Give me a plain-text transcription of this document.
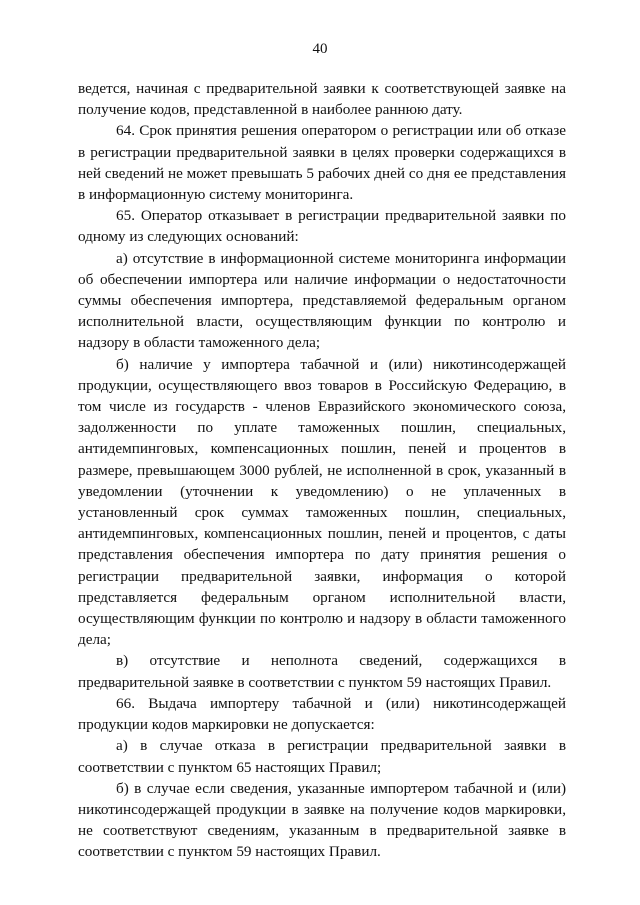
40

ведется, начиная с предварительной заявки к соответствующей заявке на получение кодов, представленной в наиболее раннюю дату.

64. Срок принятия решения оператором о регистрации или об отказе в регистрации предварительной заявки в целях проверки содержащихся в ней сведений не может превышать 5 рабочих дней со дня ее представления в информационную систему мониторинга.

65. Оператор отказывает в регистрации предварительной заявки по одному из следующих оснований:

а) отсутствие в информационной системе мониторинга информации об обеспечении импортера или наличие информации о недостаточности суммы обеспечения импортера, представляемой федеральным органом исполнительной власти, осуществляющим функции по контролю и надзору в области таможенного дела;

б) наличие у импортера табачной и (или) никотинсодержащей продукции, осуществляющего ввоз товаров в Российскую Федерацию, в том числе из государств - членов Евразийского экономического союза, задолженности по уплате таможенных пошлин, специальных, антидемпинговых, компенсационных пошлин, пеней и процентов в размере, превышающем 3000 рублей, не исполненной в срок, указанный в уведомлении (уточнении к уведомлению) о не уплаченных в установленный срок суммах таможенных пошлин, специальных, антидемпинговых, компенсационных пошлин, пеней и процентов, с даты представления обеспечения импортера по дату принятия решения о регистрации предварительной заявки, информация о которой представляется федеральным органом исполнительной власти, осуществляющим функции по контролю и надзору в области таможенного дела;

в) отсутствие и неполнота сведений, содержащихся в предварительной заявке в соответствии с пунктом 59 настоящих Правил.

66. Выдача импортеру табачной и (или) никотинсодержащей продукции кодов маркировки не допускается:

а) в случае отказа в регистрации предварительной заявки в соответствии с пунктом 65 настоящих Правил;

б) в случае если сведения, указанные импортером табачной и (или) никотинсодержащей продукции в заявке на получение кодов маркировки, не соответствуют сведениям, указанным в предварительной заявке в соответствии с пунктом 59 настоящих Правил.
